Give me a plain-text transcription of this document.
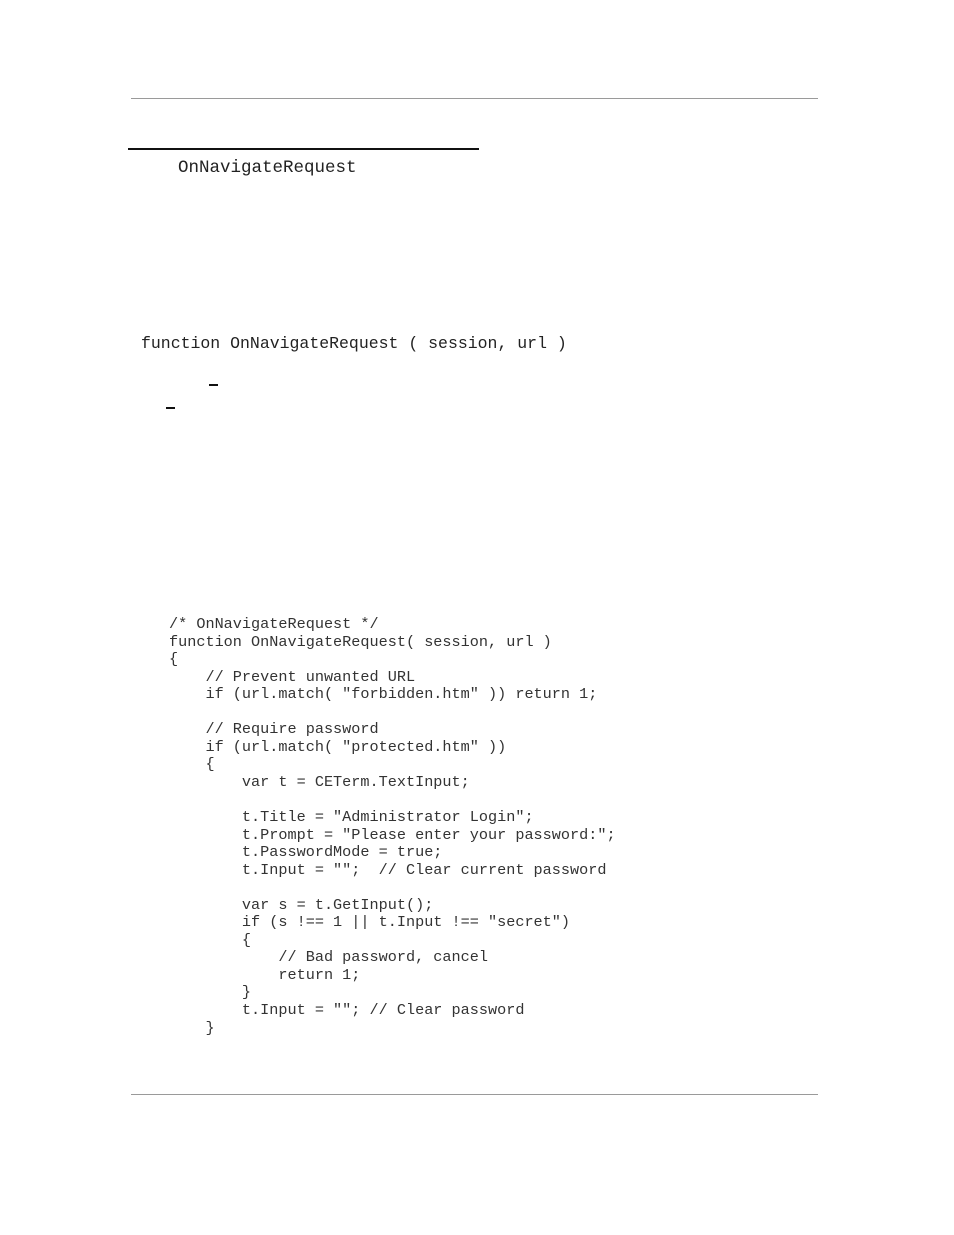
OnNavigateRequest
function OnNavigateRequest ( session, url )
/* OnNavigateRequest */
function OnNavigateRequest( session, url )
{
// Prevent unwanted URL
if (url.match( "forbidden.htm" )) return 1;
// Require password
if (url.match( "protected.htm" ))
{
var t = CETerm.TextInput;
t.Title = "Administrator Login";
t.Prompt = "Please enter your password:";
t.PasswordMode = true;
t.Input = "";  // Clear current password
var s = t.GetInput();
if (s !== 1 || t.Input !== "secret")
{
// Bad password, cancel
return 1;
}
t.Input = ""; // Clear password
}
